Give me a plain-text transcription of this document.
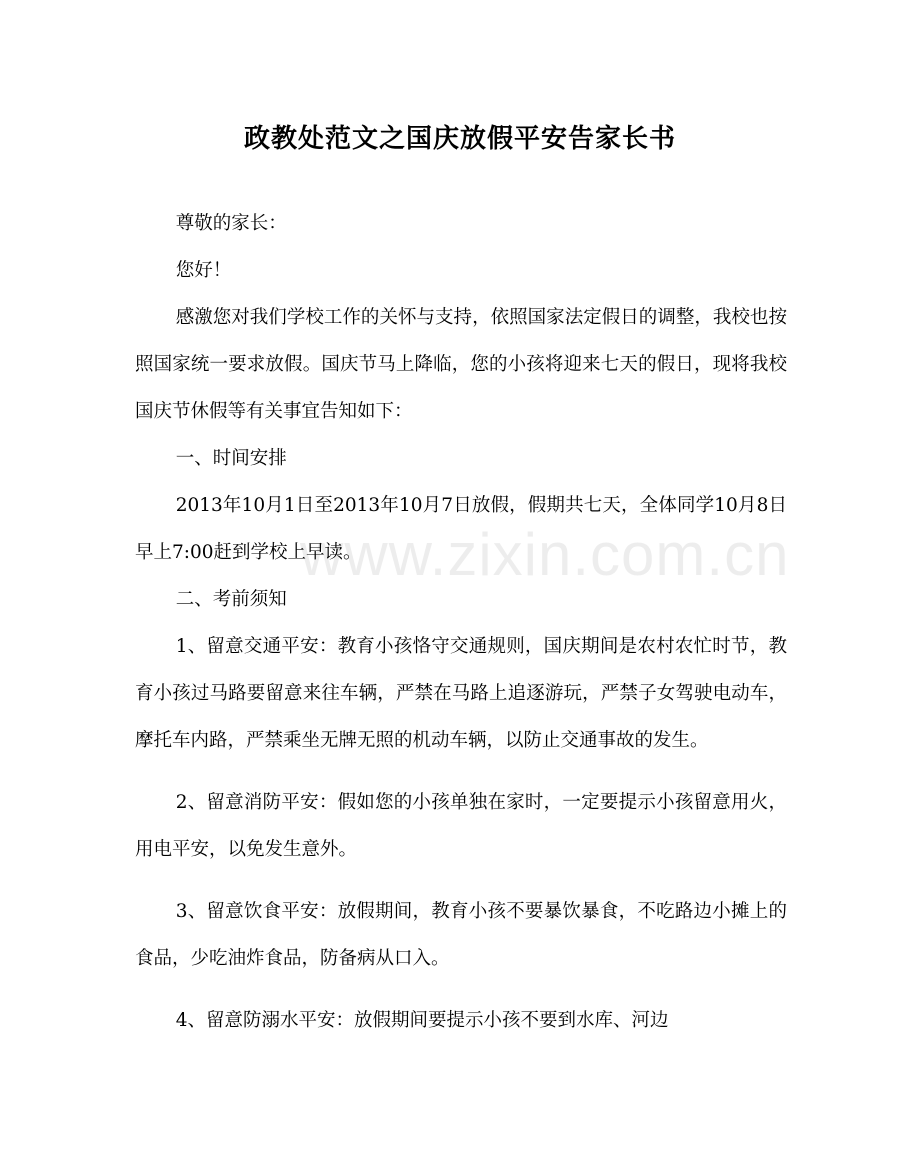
政教处范文之国庆放假平安告家长书
www.zixin.com.cn

尊敬的家长：

您好！

感激您对我们学校工作的关怀与支持，依照国家法定假日的调整，我校也按照国家统一要求放假。国庆节马上降临，您的小孩将迎来七天的假日，现将我校国庆节休假等有关事宜告知如下：

一、时间安排

2013年10月1日至2013年10月7日放假，假期共七天，全体同学10月8日早上7:00赶到学校上早读。

二、考前须知

1、留意交通平安：教育小孩恪守交通规则，国庆期间是农村农忙时节，教育小孩过马路要留意来往车辆，严禁在马路上追逐游玩，严禁子女驾驶电动车，摩托车内路，严禁乘坐无牌无照的机动车辆，以防止交通事故的发生。

2、留意消防平安：假如您的小孩单独在家时，一定要提示小孩留意用火，用电平安，以免发生意外。

3、留意饮食平安：放假期间，教育小孩不要暴饮暴食，不吃路边小摊上的食品，少吃油炸食品，防备病从口入。

4、留意防溺水平安：放假期间要提示小孩不要到水库、河边
